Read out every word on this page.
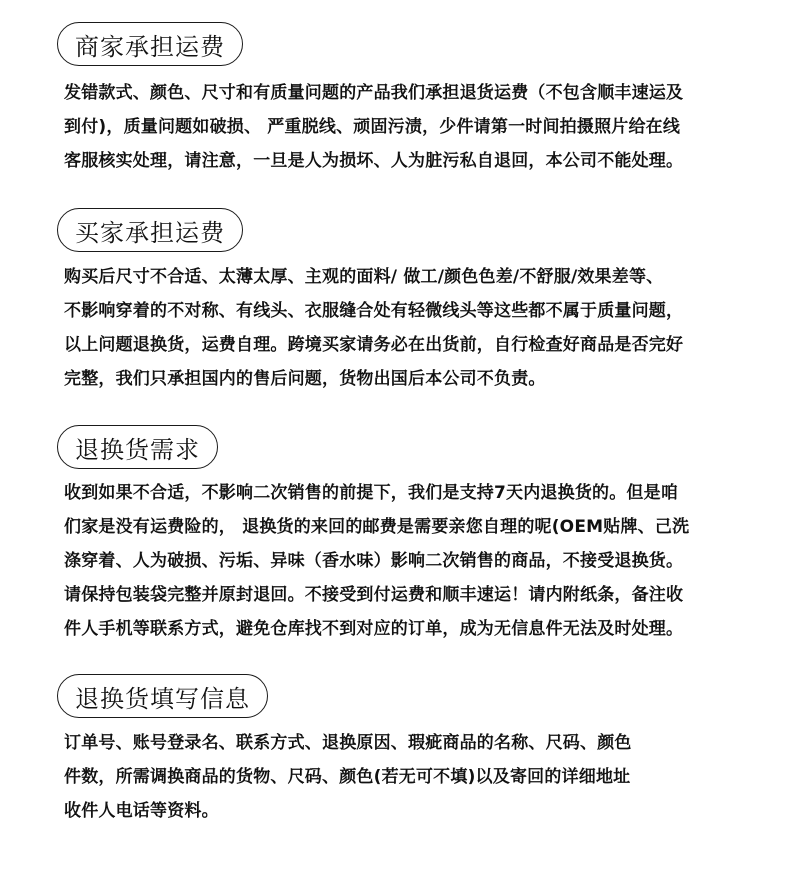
商家承担运费
发错款式、颜色、尺寸和有质量问题的产品我们承担退货运费（不包含顺丰速运及
到付)，质量问题如破损、 严重脱线、顽固污渍，少件请第一时间拍摄照片给在线
客服核实处理，请注意，一旦是人为损坏、人为脏污私自退回，本公司不能处理。
买家承担运费
购买后尺寸不合适、太薄太厚、主观的面料/ 做工/颜色色差/不舒服/效果差等、
不影响穿着的不对称、有线头、衣服缝合处有轻微线头等这些都不属于质量问题，
以上问题退换货，运费自理。跨境买家请务必在出货前，自行检查好商品是否完好
完整，我们只承担国内的售后问题，货物出国后本公司不负责。
退换货需求
收到如果不合适，不影响二次销售的前提下，我们是支持7天内退换货的。但是咱
们家是没有运费险的， 退换货的来回的邮费是需要亲您自理的呢(OEM贴牌、己洗
涤穿着、人为破损、污垢、异味（香水味）影响二次销售的商品，不接受退换货。
请保持包装袋完整并原封退回。不接受到付运费和顺丰速运！请内附纸条，备注收
件人手机等联系方式，避免仓库找不到对应的订单，成为无信息件无法及时处理。
退换货填写信息
订单号、账号登录名、联系方式、退换原因、瑕疵商品的名称、尺码、颜色
件数，所需调换商品的货物、尺码、颜色(若无可不填)以及寄回的详细地址
收件人电话等资料。
